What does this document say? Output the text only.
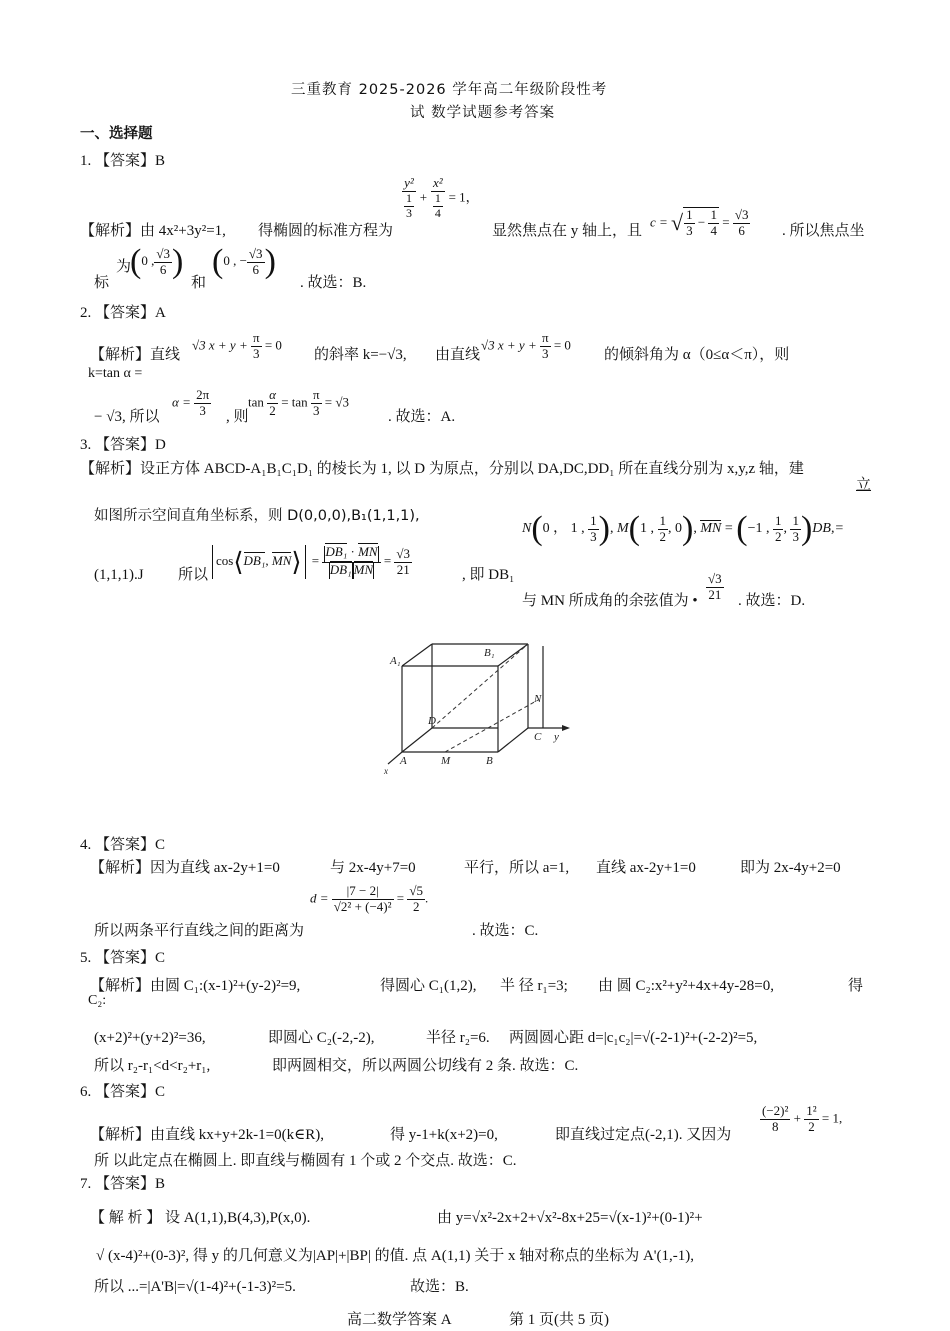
三重教育 2025-2026 学年高二年级阶段性考
试 数学试题参考答案
一、选择题
1. 【答案】B
y²
1
3 + x²
1
4 = 1，
【解析】由 4x²+3y²=1, 得椭圆的标准方程为	显然焦点在 y 轴上，且
c = √ $\frac{1}{3} - \frac{1}{4} = \frac{√3}{6}$ . 所以焦点坐
标
为
(0 , $\frac{√3}{6}$ )
和
(0 , − $\frac{√3}{6}$ )
. 故选：B.
2. 【答案】A
【解析】直线
√3 $x + y + \frac{\pi}{3} = 0$
的斜率 k=−√3, 由直线
√3 $x + y + \frac{\pi}{3} = 0$
的倾斜角为 α（0≤α＜π），则
k=tan α =
− √3, 所以
$\alpha = \frac{2\pi}{3}$ , 则
$\tan \frac{\alpha}{2} = \tan \frac{\pi}{3} = √3$
. 故选：A.
3. 【答案】D
【解析】设正方体 ABCD-A₁B₁C₁D₁ 的棱长为 1, 以 D 为原点，分别以 DA,DC,DD₁ 所在直线分别为 x,y,z 轴，建
立
如图所示空间直角坐标系，则 D(0,0,0),B₁(1,1,1),
N(0 ， 1 , $\frac{1}{3}$ ), M(1 , $\frac{1}{2}$ , 0), MN = (−1 , $\frac{1}{2}$ , $\frac{1}{3} )DB,=$
(1,1,1).J 所以
cos⟨DB₁, MN⟩ = $\frac{\text{DB₁ · MN}}{\text{DB₁ MN}} = \frac{√3}{21}$	, 即 DB₁
与 MN 所成角的余弦值为 • $\frac{√3}{21}$ . 故选：D.
A₁
B₁
D
N
C y
A	M	B
x
4. 【答案】C
【解析】因为直线 ax-2y+1=0	与 2x-4y+7=0	平行，所以 a=1, 直线 ax-2y+1=0	即为 2x-4y+2=0
$d = \frac{|7 - 2|}{\text{√2² + (−4)²}} = \frac{√5}{2}$ .
所以两条平行直线之间的距离为	. 故选：C.
5. 【答案】C
【解析】由圆 C₁:(x-1)²+(y-2)²=9,	得圆心 C₁(1,2), 半 径 r₁=3; 由 圆 C₂:x²+y²+4x+4y-28=0,	得
C₂:
(x+2)²+(y+2)²=36,	即圆心 C₂(-2,-2),	半径 r₂=6. 两圆圆心距 d=|c₁c₂|=√(-2-1)²+(-2-2)²=5,
所以 r₂-r₁<d<r₂+r₁,	即两圆相交，所以两圆公切线有 2 条. 故选：C.
6. 【答案】C
【解析】由直线 kx+y+2k-1=0(k∈R),	得 y-1+k(x+2)=0,	即直线过定点(-2,1). 又因为
$\frac{\text{(−2)²}}{8} + \frac{\text{1²}}{2} = 1$,
所 以此定点在椭圆上. 即直线与椭圆有 1 个或 2 个交点. 故选：C.
7. 【答案】B
【 解 析 】 设 A(1,1),B(4,3),P(x,0).	由 y=√x²-2x+2+√x²-8x+25=√(x-1)²+(0-1)²+
√ (x-4)²+(0-3)², 得 y 的几何意义为|AP|+|BP| 的值. 点 A(1,1) 关于 x 轴对称点的坐标为 A'(1,-1),
所以 ...=|A'B|=√(1-4)²+(-1-3)²=5.	故选：B.
高二数学答案 A	第 1 页(共 5 页)
